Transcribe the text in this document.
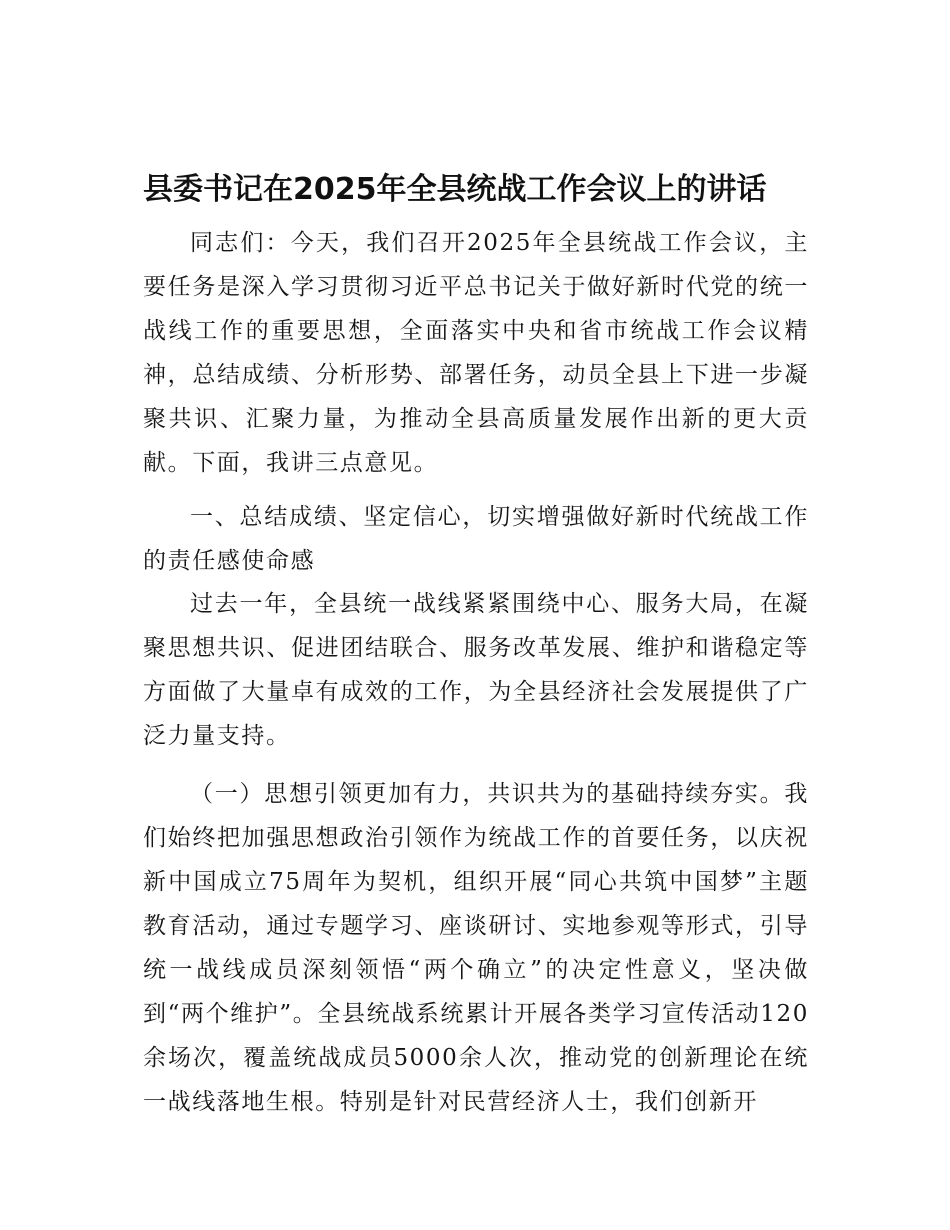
县委书记在2025年全县统战工作会议上的讲话

同志们：今天，我们召开2025年全县统战工作会议，主要任务是深入学习贯彻习近平总书记关于做好新时代党的统一战线工作的重要思想，全面落实中央和省市统战工作会议精神，总结成绩、分析形势、部署任务，动员全县上下进一步凝聚共识、汇聚力量，为推动全县高质量发展作出新的更大贡献。下面，我讲三点意见。

一、总结成绩、坚定信心，切实增强做好新时代统战工作的责任感使命感

过去一年，全县统一战线紧紧围绕中心、服务大局，在凝聚思想共识、促进团结联合、服务改革发展、维护和谐稳定等方面做了大量卓有成效的工作，为全县经济社会发展提供了广泛力量支持。

（一）思想引领更加有力，共识共为的基础持续夯实。我们始终把加强思想政治引领作为统战工作的首要任务，以庆祝新中国成立75周年为契机，组织开展“同心共筑中国梦”主题教育活动，通过专题学习、座谈研讨、实地参观等形式，引导统一战线成员深刻领悟“两个确立”的决定性意义，坚决做到“两个维护”。全县统战系统累计开展各类学习宣传活动120余场次，覆盖统战成员5000余人次，推动党的创新理论在统一战线落地生根。特别是针对民营经济人士，我们创新开
